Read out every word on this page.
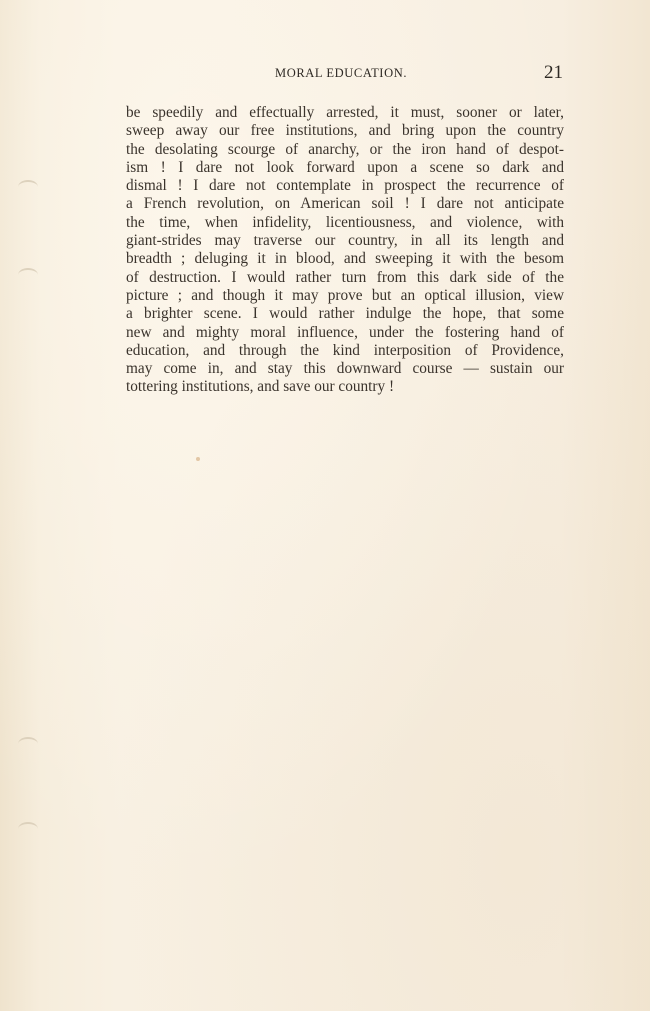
MORAL EDUCATION.	21
be speedily and effectually arrested, it must, sooner or later,
sweep away our free institutions, and bring upon the country
the desolating scourge of anarchy, or the iron hand of despot-
ism ! I dare not look forward upon a scene so dark and
dismal ! I dare not contemplate in prospect the recurrence of
a French revolution, on American soil ! I dare not anticipate
the time, when infidelity, licentiousness, and violence, with
giant-strides may traverse our country, in all its length and
breadth ; deluging it in blood, and sweeping it with the besom
of destruction. I would rather turn from this dark side of the
picture ; and though it may prove but an optical illusion, view
a brighter scene. I would rather indulge the hope, that some
new and mighty moral influence, under the fostering hand of
education, and through the kind interposition of Providence,
may come in, and stay this downward course — sustain our
tottering institutions, and save our country !
